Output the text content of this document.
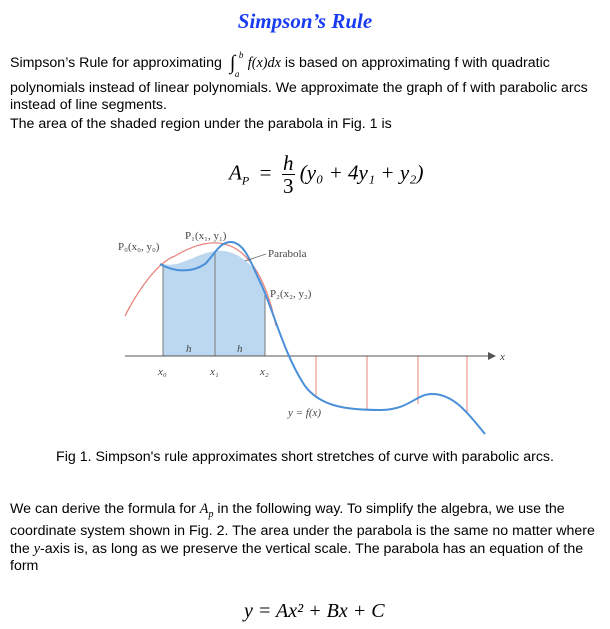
Simpson’s Rule
Simpson’s Rule for approximating ∫ b
a
f(x)dx is based on approximating f with quadratic
polynomials instead of linear polynomials. We approximate the graph of f with parabolic arcs instead of line segments.
The area of the shaded region under the parabola in Fig. 1 is
$A_P = \frac{h}{3} (y_0 + 4y_1 + y_2)$
P₀(x₀, y₀)
P₁(x₁, y₁)
Parabola
P₂(x₂, y₂)
h	h
x₀	x₁	x₂
x
y = f(x)
Fig 1. Simpson's rule approximates short stretches of curve with parabolic arcs.
We can derive the formula for $A_p$ in the following way. To simplify the algebra, we use the coordinate system shown in Fig. 2. The area under the parabola is the same no matter where the y-axis is, as long as we preserve the vertical scale. The parabola has an equation of the form
y = Ax² + Bx + C
